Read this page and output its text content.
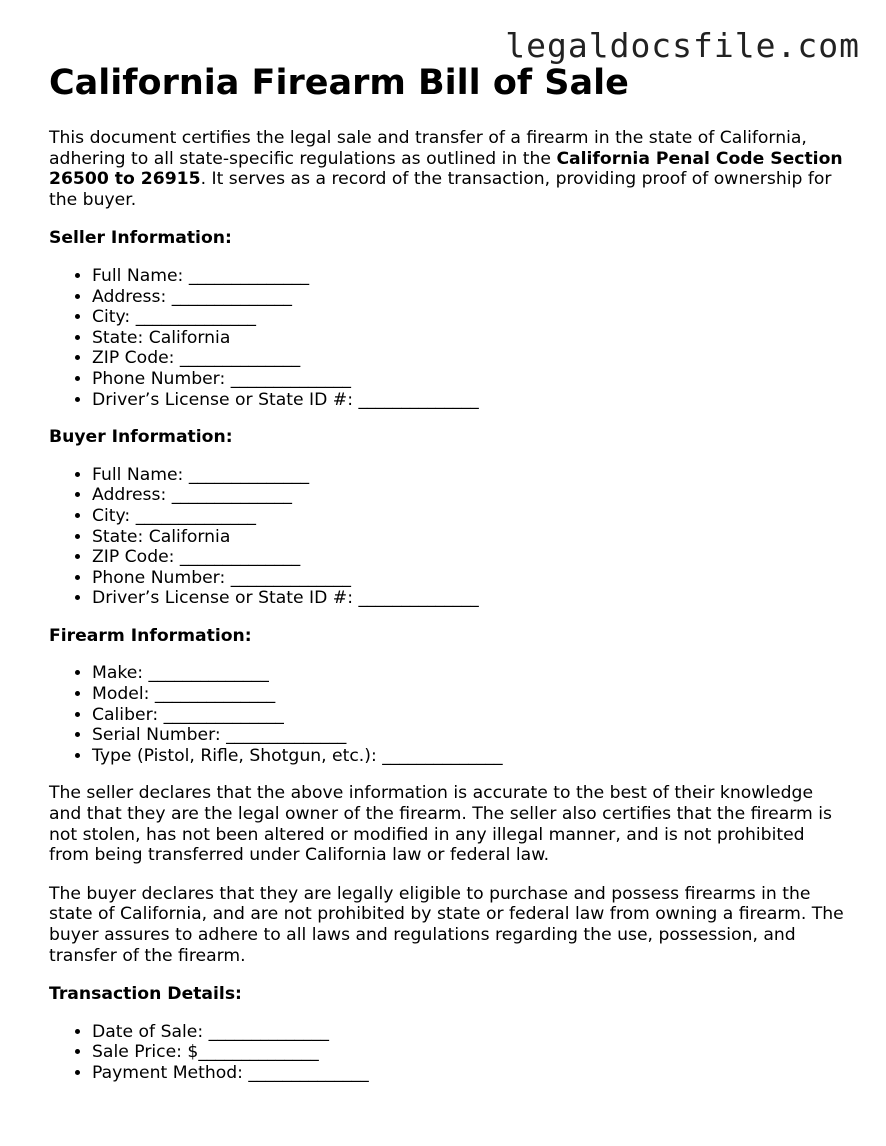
legaldocsfile.com
California Firearm Bill of Sale

This document certifies the legal sale and transfer of a firearm in the state of California, adhering to all state-specific regulations as outlined in the California Penal Code Section 26500 to 26915. It serves as a record of the transaction, providing proof of ownership for the buyer.

Seller Information:
• Full Name: ______________
• Address: ______________
• City: ______________
• State: California
• ZIP Code: ______________
• Phone Number: ______________
• Driver’s License or State ID #: ______________
Buyer Information:
• Full Name: ______________
• Address: ______________
• City: ______________
• State: California
• ZIP Code: ______________
• Phone Number: ______________
• Driver’s License or State ID #: ______________
Firearm Information:
• Make: ______________
• Model: ______________
• Caliber: ______________
• Serial Number: ______________
• Type (Pistol, Rifle, Shotgun, etc.): ______________

The seller declares that the above information is accurate to the best of their knowledge and that they are the legal owner of the firearm. The seller also certifies that the firearm is not stolen, has not been altered or modified in any illegal manner, and is not prohibited from being transferred under California law or federal law.

The buyer declares that they are legally eligible to purchase and possess firearms in the state of California, and are not prohibited by state or federal law from owning a firearm. The buyer assures to adhere to all laws and regulations regarding the use, possession, and transfer of the firearm.

Transaction Details:
• Date of Sale: ______________
• Sale Price: $______________
• Payment Method: ______________
